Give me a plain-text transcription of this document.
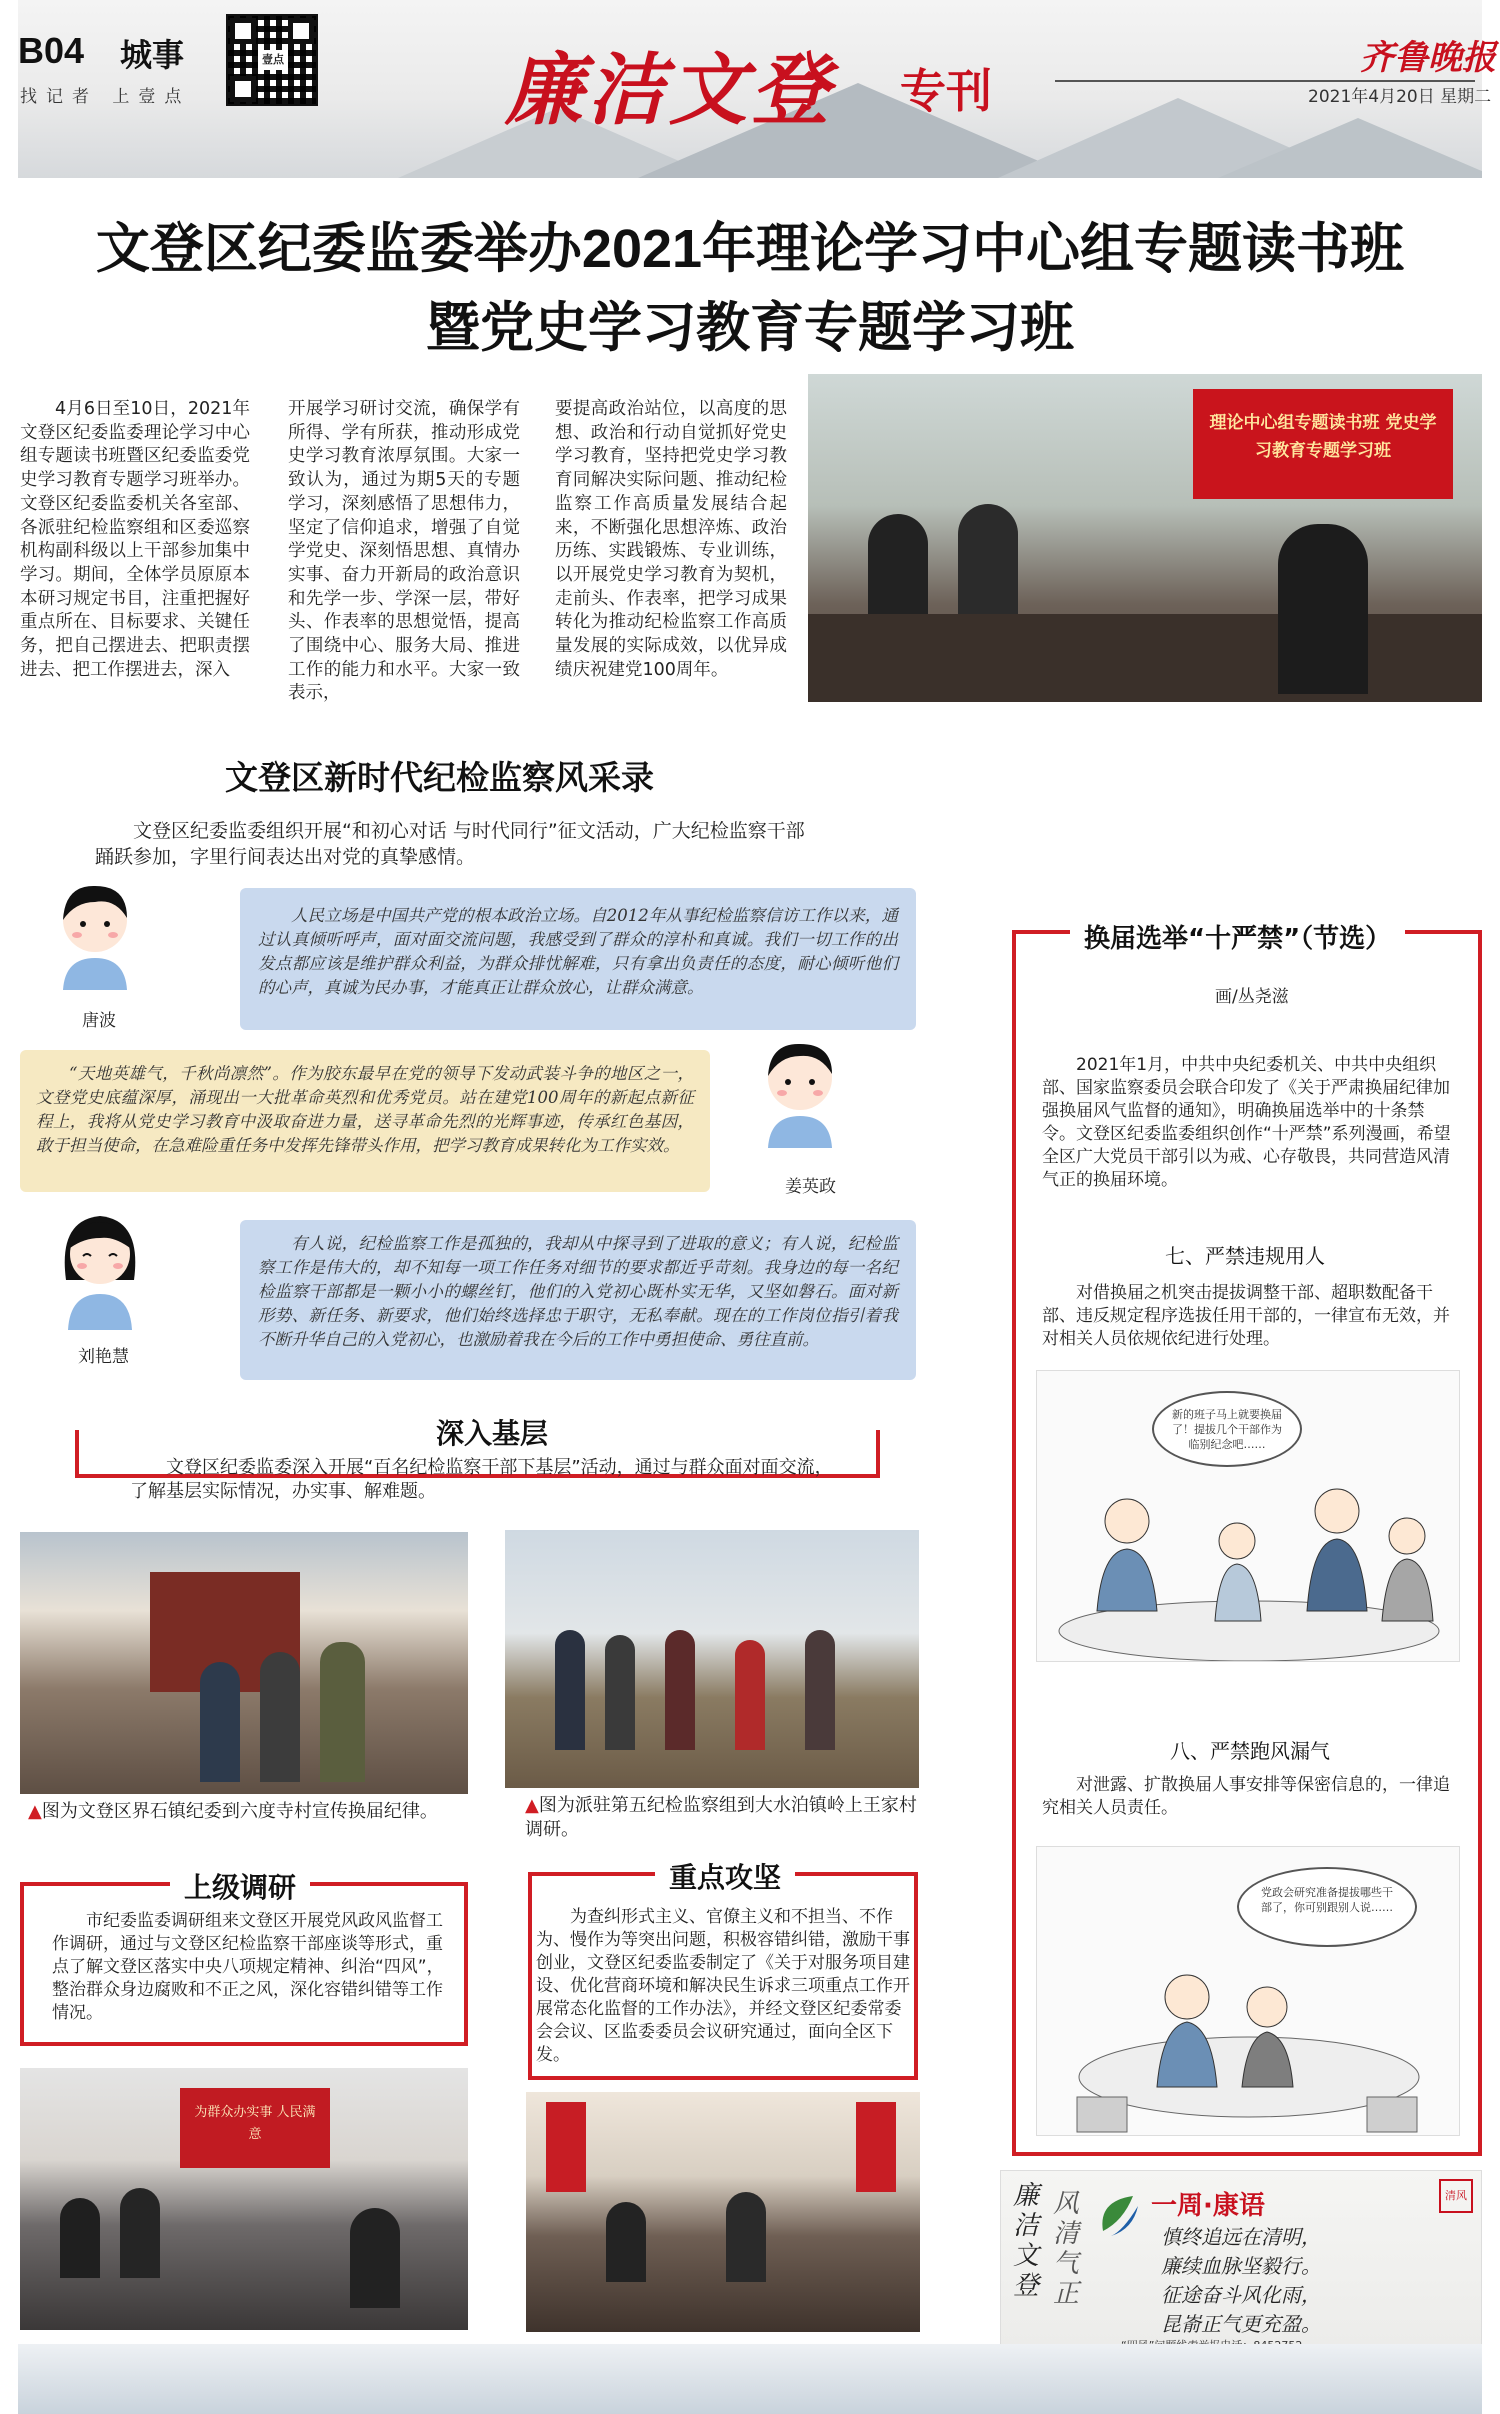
B04 城事
找记者 上壹点
壹点	廉洁文登 专刊
齐鲁晚报
2021年4月20日 星期二
文登区纪委监委举办2021年理论学习中心组专题读书班
暨党史学习教育专题学习班
4月6日至10日，2021年文登区纪委监委理论学习中心组专题读书班暨区纪委监委党史学习教育专题学习班举办。文登区纪委监委机关各室部、各派驻纪检监察组和区委巡察机构副科级以上干部参加集中学习。期间，全体学员原原本本研习规定书目，注重把握好重点所在、目标要求、关键任务，把自己摆进去、把职责摆进去、把工作摆进去，深入
开展学习研讨交流，确保学有所得、学有所获，推动形成党史学习教育浓厚氛围。大家一致认为，通过为期5天的专题学习，深刻感悟了思想伟力，坚定了信仰追求，增强了自觉学党史、深刻悟思想、真情办实事、奋力开新局的政治意识和先学一步、学深一层，带好头、作表率的思想觉悟，提高了围绕中心、服务大局、推进工作的能力和水平。大家一致表示，
要提高政治站位，以高度的思想、政治和行动自觉抓好党史学习教育，坚持把党史学习教育同解决实际问题、推动纪检监察工作高质量发展结合起来，不断强化思想淬炼、政治历练、实践锻炼、专业训练，以开展党史学习教育为契机，走前头、作表率，把学习成果转化为推动纪检监察工作高质量发展的实际成效，以优异成绩庆祝建党100周年。
理论中心组专题读书班 党史学习教育专题学习班
文登区新时代纪检监察风采录
文登区纪委监委组织开展“和初心对话 与时代同行”征文活动，广大纪检监察干部踊跃参加，字里行间表达出对党的真挚感情。
唐波
人民立场是中国共产党的根本政治立场。自2012年从事纪检监察信访工作以来，通过认真倾听呼声，面对面交流问题，我感受到了群众的淳朴和真诚。我们一切工作的出发点都应该是维护群众利益，为群众排忧解难，只有拿出负责任的态度，耐心倾听他们的心声，真诚为民办事，才能真正让群众放心，让群众满意。
“天地英雄气，千秋尚凛然”。作为胶东最早在党的领导下发动武装斗争的地区之一，文登党史底蕴深厚，涌现出一大批革命英烈和优秀党员。站在建党100周年的新起点新征程上，我将从党史学习教育中汲取奋进力量，送寻革命先烈的光辉事迹，传承红色基因，敢于担当使命，在急难险重任务中发挥先锋带头作用，把学习教育成果转化为工作实效。
姜英政
刘艳慧
有人说，纪检监察工作是孤独的，我却从中探寻到了进取的意义；有人说，纪检监察工作是伟大的，却不知每一项工作任务对细节的要求都近乎苛刻。我身边的每一名纪检监察干部都是一颗小小的螺丝钉，他们的入党初心既朴实无华，又坚如磐石。面对新形势、新任务、新要求，他们始终选择忠于职守，无私奉献。现在的工作岗位指引着我不断升华自己的入党初心，也激励着我在今后的工作中勇担使命、勇往直前。
深入基层
文登区纪委监委深入开展“百名纪检监察干部下基层”活动，通过与群众面对面交流，了解基层实际情况，办实事、解难题。
▲图为文登区界石镇纪委到六度寺村宣传换届纪律。	▲图为派驻第五纪检监察组到大水泊镇岭上王家村调研。
上级调研
市纪委监委调研组来文登区开展党风政风监督工作调研，通过与文登区纪检监察干部座谈等形式，重点了解文登区落实中央八项规定精神、纠治“四风”，整治群众身边腐败和不正之风，深化容错纠错等工作情况。
为群众办实事 人民满意
重点攻坚
为查纠形式主义、官僚主义和不担当、不作为、慢作为等突出问题，积极容错纠错，激励干事创业，文登区纪委监委制定了《关于对服务项目建设、优化营商环境和解决民生诉求三项重点工作开展常态化监督的工作办法》，并经文登区纪委常委会会议、区监委委员会议研究通过，面向全区下发。
换届选举“十严禁”（节选）
画/丛尧滋
2021年1月，中共中央纪委机关、中共中央组织部、国家监察委员会联合印发了《关于严肃换届纪律加强换届风气监督的通知》，明确换届选举中的十条禁令。文登区纪委监委组织创作“十严禁”系列漫画，希望全区广大党员干部引以为戒、心存敬畏，共同营造风清气正的换届环境。
七、严禁违规用人
对借换届之机突击提拔调整干部、超职数配备干部、违反规定程序选拔任用干部的，一律宣布无效，并对相关人员依规依纪进行处理。
新的班子马上就要换届了！提拔几个干部作为临别纪念吧……
八、严禁跑风漏气
对泄露、扩散换届人事安排等保密信息的，一律追究相关人员责任。
党政会研究准备提拔哪些干部了，你可别跟别人说……
廉洁文登
风清气正
一周·康语
慎终追远在清明，
廉续血脉坚毅行。
征途奋斗风化雨，
昆嵛正气更充盈。
清风
